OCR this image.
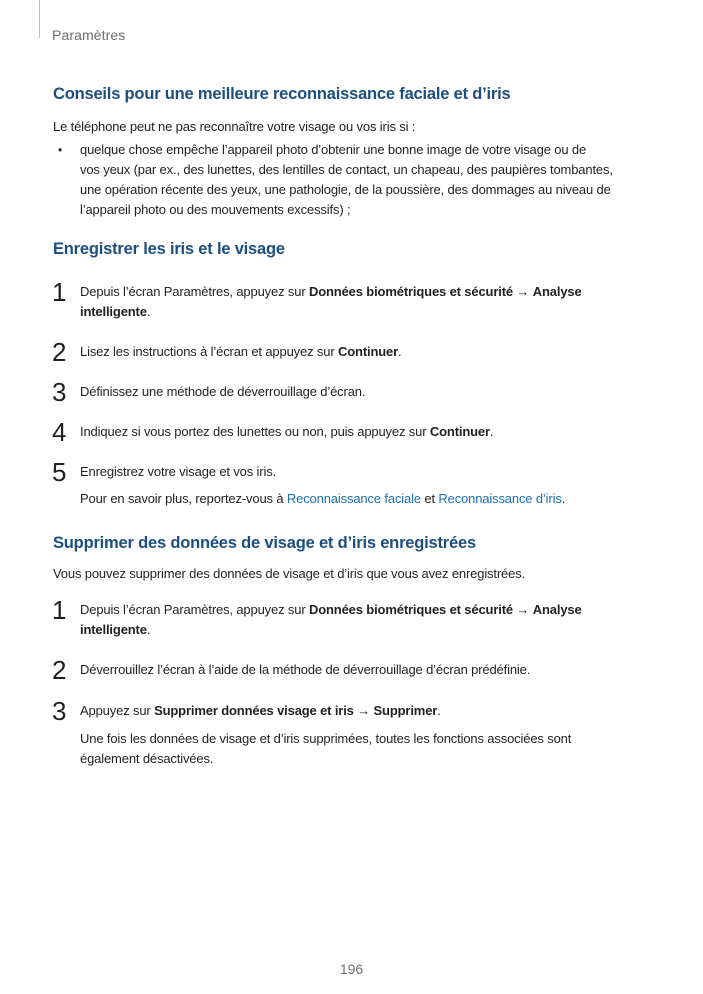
Paramètres
Conseils pour une meilleure reconnaissance faciale et d’iris
Le téléphone peut ne pas reconnaître votre visage ou vos iris si :
• quelque chose empêche l’appareil photo d’obtenir une bonne image de votre visage ou de
vos yeux (par ex., des lunettes, des lentilles de contact, un chapeau, des paupières tombantes,
une opération récente des yeux, une pathologie, de la poussière, des dommages au niveau de
l’appareil photo ou des mouvements excessifs) ;
Enregistrer les iris et le visage
1 Depuis l’écran Paramètres, appuyez sur Données biométriques et sécurité → Analyse
intelligente.
2 Lisez les instructions à l’écran et appuyez sur Continuer.
3 Définissez une méthode de déverrouillage d’écran.
4 Indiquez si vous portez des lunettes ou non, puis appuyez sur Continuer.
5 Enregistrez votre visage et vos iris.
Pour en savoir plus, reportez-vous à Reconnaissance faciale et Reconnaissance d’iris.
Supprimer des données de visage et d’iris enregistrées
Vous pouvez supprimer des données de visage et d’iris que vous avez enregistrées.
1 Depuis l’écran Paramètres, appuyez sur Données biométriques et sécurité → Analyse
intelligente.
2 Déverrouillez l’écran à l’aide de la méthode de déverrouillage d’écran prédéfinie.
3 Appuyez sur Supprimer données visage et iris → Supprimer.
Une fois les données de visage et d’iris supprimées, toutes les fonctions associées sont
également désactivées.
196
